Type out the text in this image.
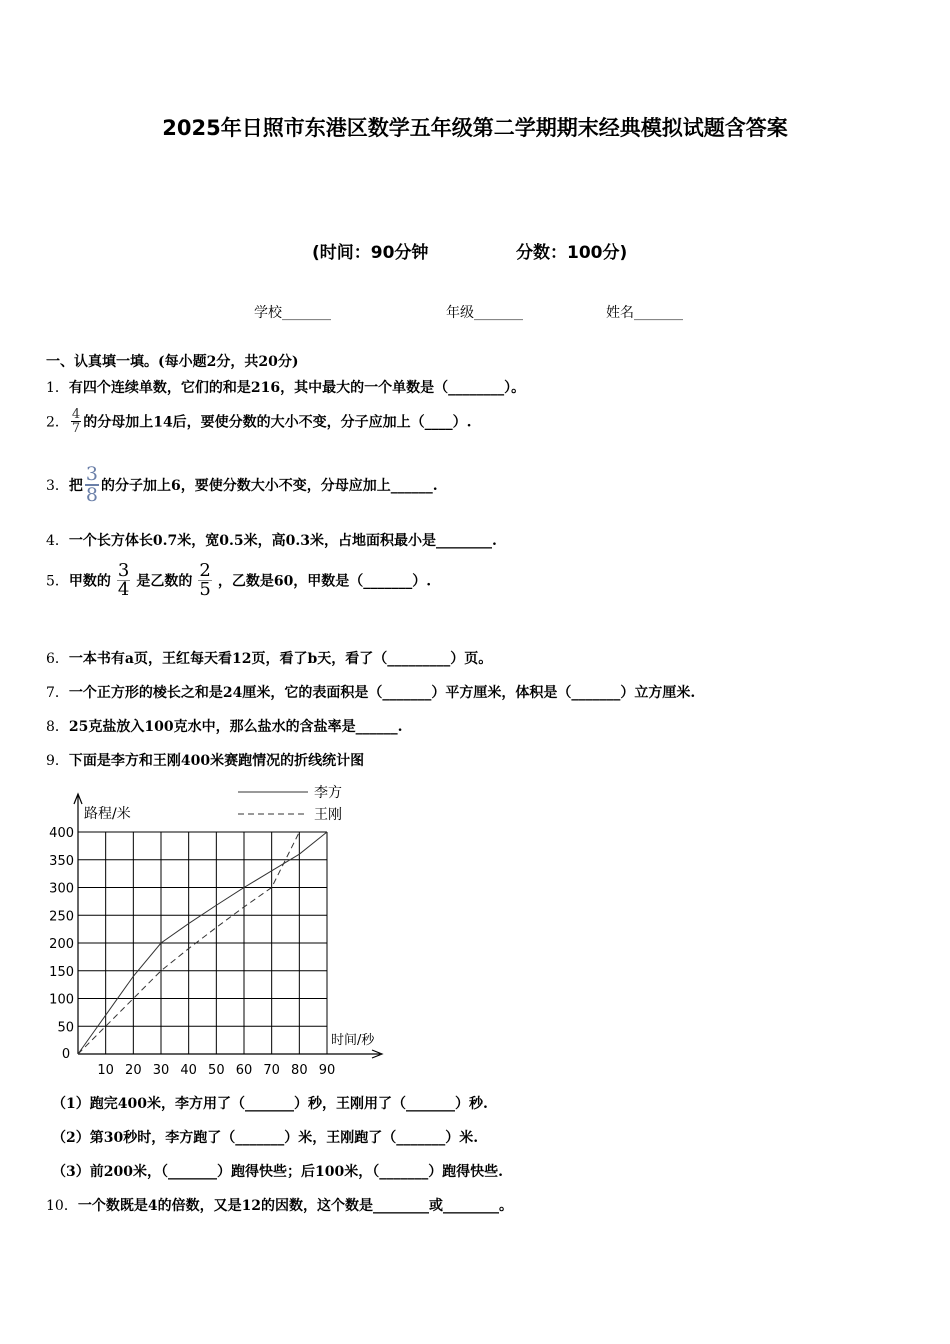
2025年日照市东港区数学五年级第二学期期末经典模拟试题含答案
(时间：90分钟	分数：100分)
学校_______	年级_______	姓名_______
一、认真填一填。(每小题2分，共20分)
1．有四个连续单数，它们的和是216，其中最大的一个单数是（________）。
2． $\frac{4}{7}$ 的分母加上14后，要使分数的大小不变，分子应加上（____）.
3．把 $\frac{3}{8}$ 的分子加上6，要使分数大小不变，分母应加上______.
4．一个长方体长0.7米，宽0.5米，高0.3米，占地面积最小是________.
5．甲数的 $\frac{3}{4}$ 是乙数的 $\frac{2}{5}$ ，乙数是60，甲数是（_______）.
6．一本书有a页，王红每天看12页，看了b天，看了（_________）页。
7．一个正方形的棱长之和是24厘米，它的表面积是（_______）平方厘米，体积是（_______）立方厘米.
8．25克盐放入100克水中，那么盐水的含盐率是______.
9．下面是李方和王刚400米赛跑情况的折线统计图
路程/米
时间/秒
0
10 20 30 40 50 60 70 80 90
50
100
150
200
250
300
350
400
李方
王刚
（1）跑完400米，李方用了（_______）秒，王刚用了（_______）秒.
（2）第30秒时，李方跑了（_______）米，王刚跑了（_______）米.
（3）前200米，（_______）跑得快些；后100米，（_______）跑得快些.
10．一个数既是4的倍数，又是12的因数，这个数是________或________。
